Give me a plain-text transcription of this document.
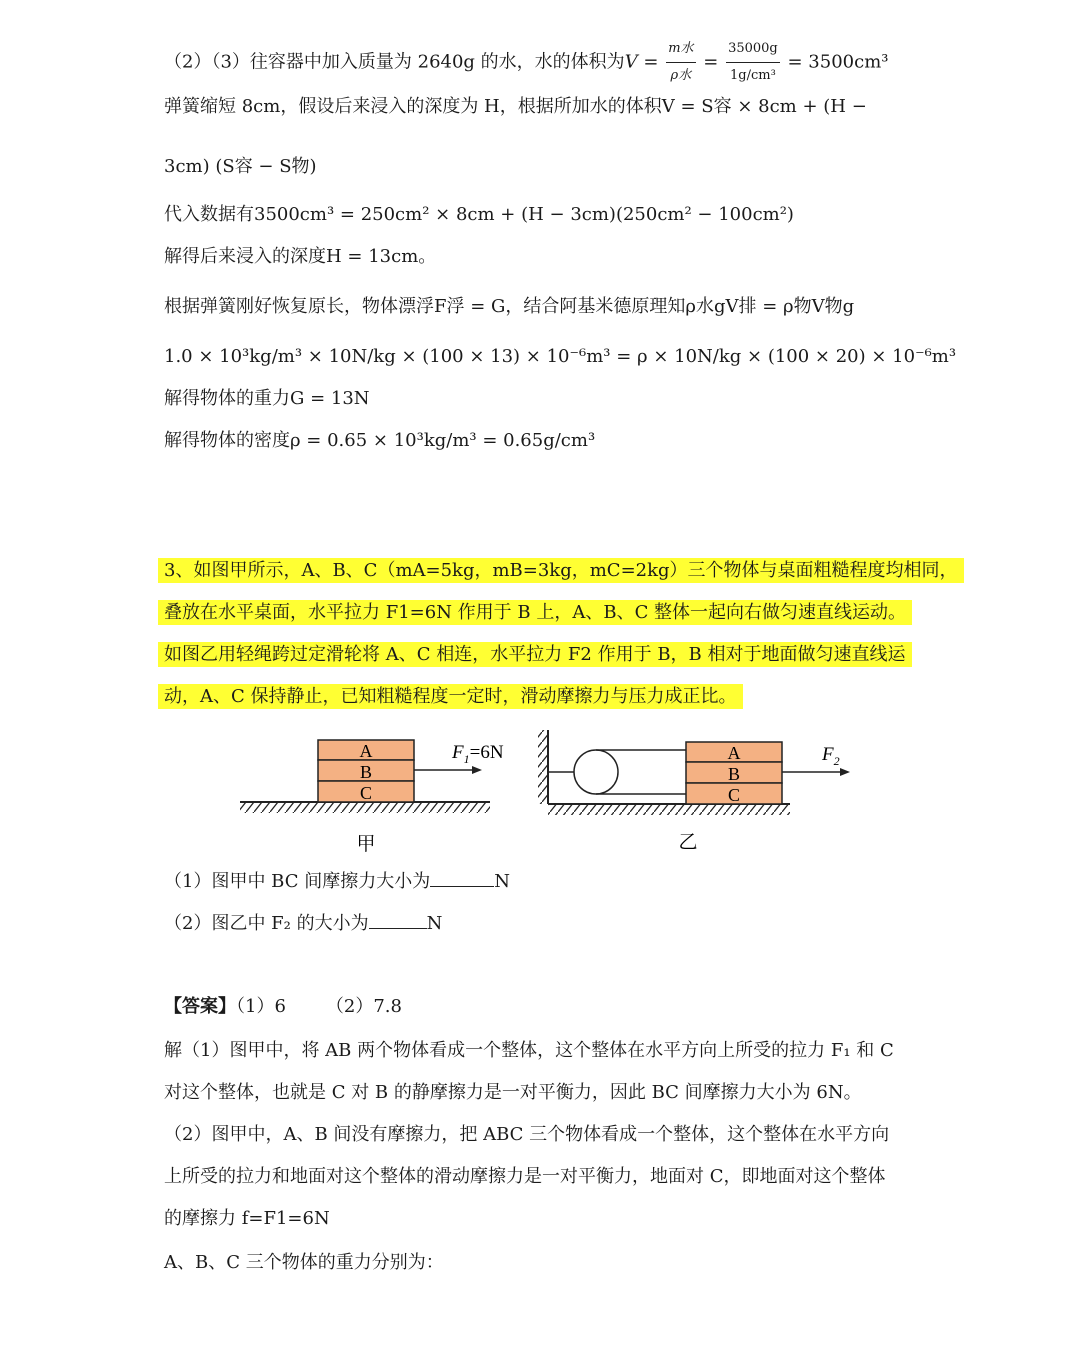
（2）（3）往容器中加入质量为 2640g 的水，水的体积为$V = \frac{\text{m水}}{\text{ρ水}} = \frac{35000g}{\text{1g/cm³}} = 3500cm^3$
弹簧缩短 8cm，假设后来浸入的深度为 H，根据所加水的体积V = S容 × 8cm + (H −
3cm) (S容 − S物)
代入数据有3500cm³ = 250cm² × 8cm + (H − 3cm)(250cm² − 100cm²)
解得后来浸入的深度H = 13cm。
根据弹簧刚好恢复原长，物体漂浮F浮 = G，结合阿基米德原理知ρ水gV排 = ρ物V物g
1.0 × 10³kg/m³ × 10N/kg × (100 × 13) × 10⁻⁶m³ = ρ × 10N/kg × (100 × 20) × 10⁻⁶m³
解得物体的重力G = 13N
解得物体的密度ρ = 0.65 × 10³kg/m³ = 0.65g/cm³
3、如图甲所示，A、B、C（mA=5kg，mB=3kg，mC=2kg）三个物体与桌面粗糙程度均相同，
叠放在水平桌面，水平拉力 F1=6N 作用于 B 上，A、B、C 整体一起向右做匀速直线运动。
如图乙用轻绳跨过定滑轮将 A、C 相连，水平拉力 F2 作用于 B，B 相对于地面做匀速直线运
动，A、C 保持静止，已知粗糙程度一定时，滑动摩擦力与压力成正比。
A
B
C
$F_1=6N$
甲
A
B
C
$F_2$
乙
（1）图甲中 BC 间摩擦力大小为	N
（2）图乙中 F₂ 的大小为	N
【答案】（1）6 （2）7.8
解（1）图甲中，将 AB 两个物体看成一个整体，这个整体在水平方向上所受的拉力 F₁ 和 C
对这个整体，也就是 C 对 B 的静摩擦力是一对平衡力，因此 BC 间摩擦力大小为 6N。
（2）图甲中，A、B 间没有摩擦力，把 ABC 三个物体看成一个整体，这个整体在水平方向
上所受的拉力和地面对这个整体的滑动摩擦力是一对平衡力，地面对 C，即地面对这个整体
的摩擦力 f=F1=6N
A、B、C 三个物体的重力分别为：
